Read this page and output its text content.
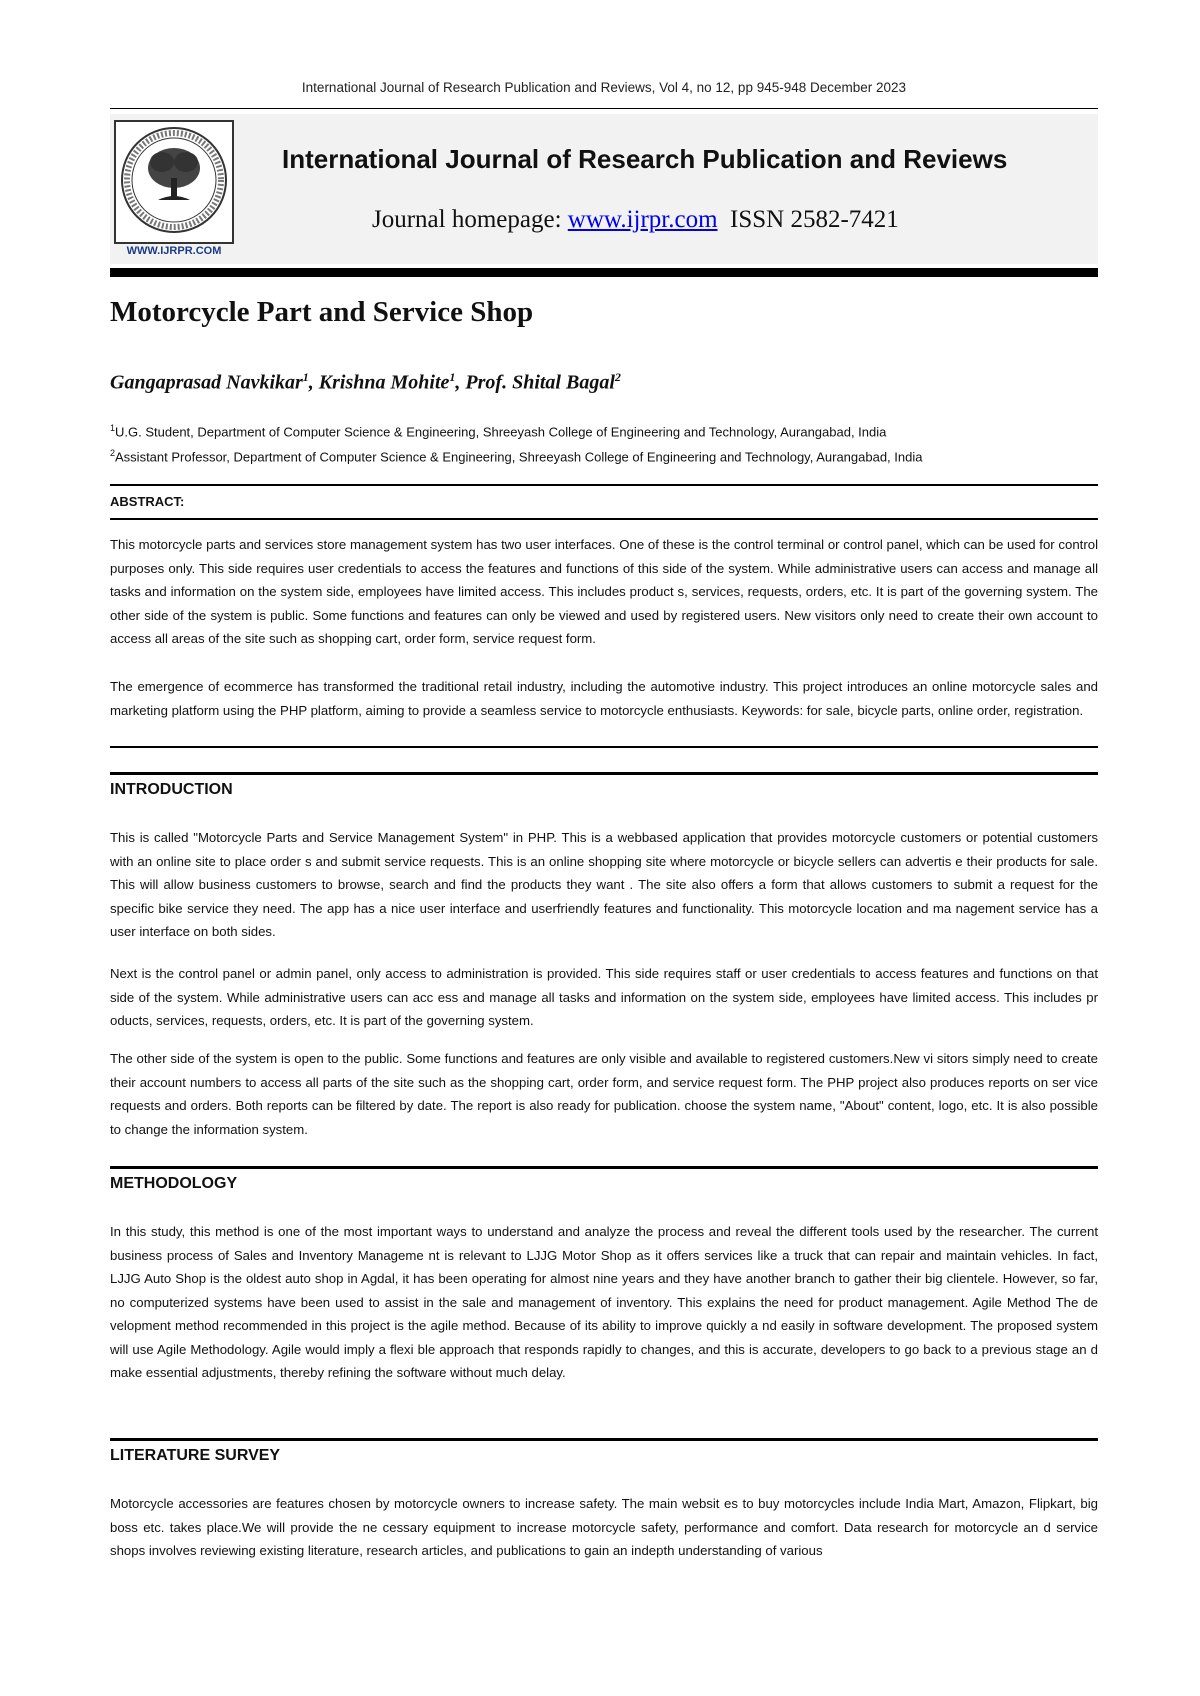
International Journal of Research Publication and Reviews, Vol 4, no 12, pp 945-948 December 2023
WWW.IJRPR.COM
International Journal of Research Publication and Reviews
Journal homepage: www.ijrpr.com ISSN 2582-7421
Motorcycle Part and Service Shop
Gangaprasad Navkikar$^1$, Krishna Mohite$^1$, Prof. Shital Bagal$^2$
$^1$U.G. Student, Department of Computer Science & Engineering, Shreeyash College of Engineering and Technology, Aurangabad, India
$^2$Assistant Professor, Department of Computer Science & Engineering, Shreeyash College of Engineering and Technology, Aurangabad, India
ABSTRACT:

This motorcycle parts and services store management system has two user interfaces. One of these is the control terminal or control panel, which can be used for control purposes only. This side requires user credentials to access the features and functions of this side of the system. While administrative users can access and manage all tasks and information on the system side, employees have limited access. This includes product s, services, requests, orders, etc. It is part of the governing system. The other side of the system is public. Some functions and features can only be viewed and used by registered users. New visitors only need to create their own account to access all areas of the site such as shopping cart, order form, service request form.

The emergence of ecommerce has transformed the traditional retail industry, including the automotive industry. This project introduces an online motorcycle sales and marketing platform using the PHP platform, aiming to provide a seamless service to motorcycle enthusiasts. Keywords: for sale, bicycle parts, online order, registration.

INTRODUCTION

This is called "Motorcycle Parts and Service Management System" in PHP. This is a webbased application that provides motorcycle customers or potential customers with an online site to place order s and submit service requests. This is an online shopping site where motorcycle or bicycle sellers can advertis e their products for sale. This will allow business customers to browse, search and find the products they want . The site also offers a form that allows customers to submit a request for the specific bike service they need. The app has a nice user interface and userfriendly features and functionality. This motorcycle location and ma nagement service has a user interface on both sides.

Next is the control panel or admin panel, only access to administration is provided. This side requires staff or user credentials to access features and functions on that side of the system. While administrative users can acc ess and manage all tasks and information on the system side, employees have limited access. This includes pr oducts, services, requests, orders, etc. It is part of the governing system.

The other side of the system is open to the public. Some functions and features are only visible and available to registered customers.New vi sitors simply need to create their account numbers to access all parts of the site such as the shopping cart, order form, and service request form. The PHP project also produces reports on ser vice requests and orders. Both reports can be filtered by date. The report is also ready for publication. choose the system name, "About" content, logo, etc. It is also possible to change the information system.

METHODOLOGY

In this study, this method is one of the most important ways to understand and analyze the process and reveal the different tools used by the researcher. The current business process of Sales and Inventory Manageme nt is relevant to LJJG Motor Shop as it offers services like a truck that can repair and maintain vehicles. In fact, LJJG Auto Shop is the oldest auto shop in Agdal, it has been operating for almost nine years and they have another branch to gather their big clientele. However, so far, no computerized systems have been used to assist in the sale and management of inventory. This explains the need for product management. Agile Method The de velopment method recommended in this project is the agile method. Because of its ability to improve quickly a nd easily in software development. The proposed system will use Agile Methodology. Agile would imply a flexi ble approach that responds rapidly to changes, and this is accurate, developers to go back to a previous stage an d make essential adjustments, thereby refining the software without much delay.

LITERATURE SURVEY

Motorcycle accessories are features chosen by motorcycle owners to increase safety. The main websit es to buy motorcycles include India Mart, Amazon, Flipkart, big boss etc. takes place.We will provide the ne cessary equipment to increase motorcycle safety, performance and comfort. Data research for motorcycle an d service shops involves reviewing existing literature, research articles, and publications to gain an indepth understanding of various
